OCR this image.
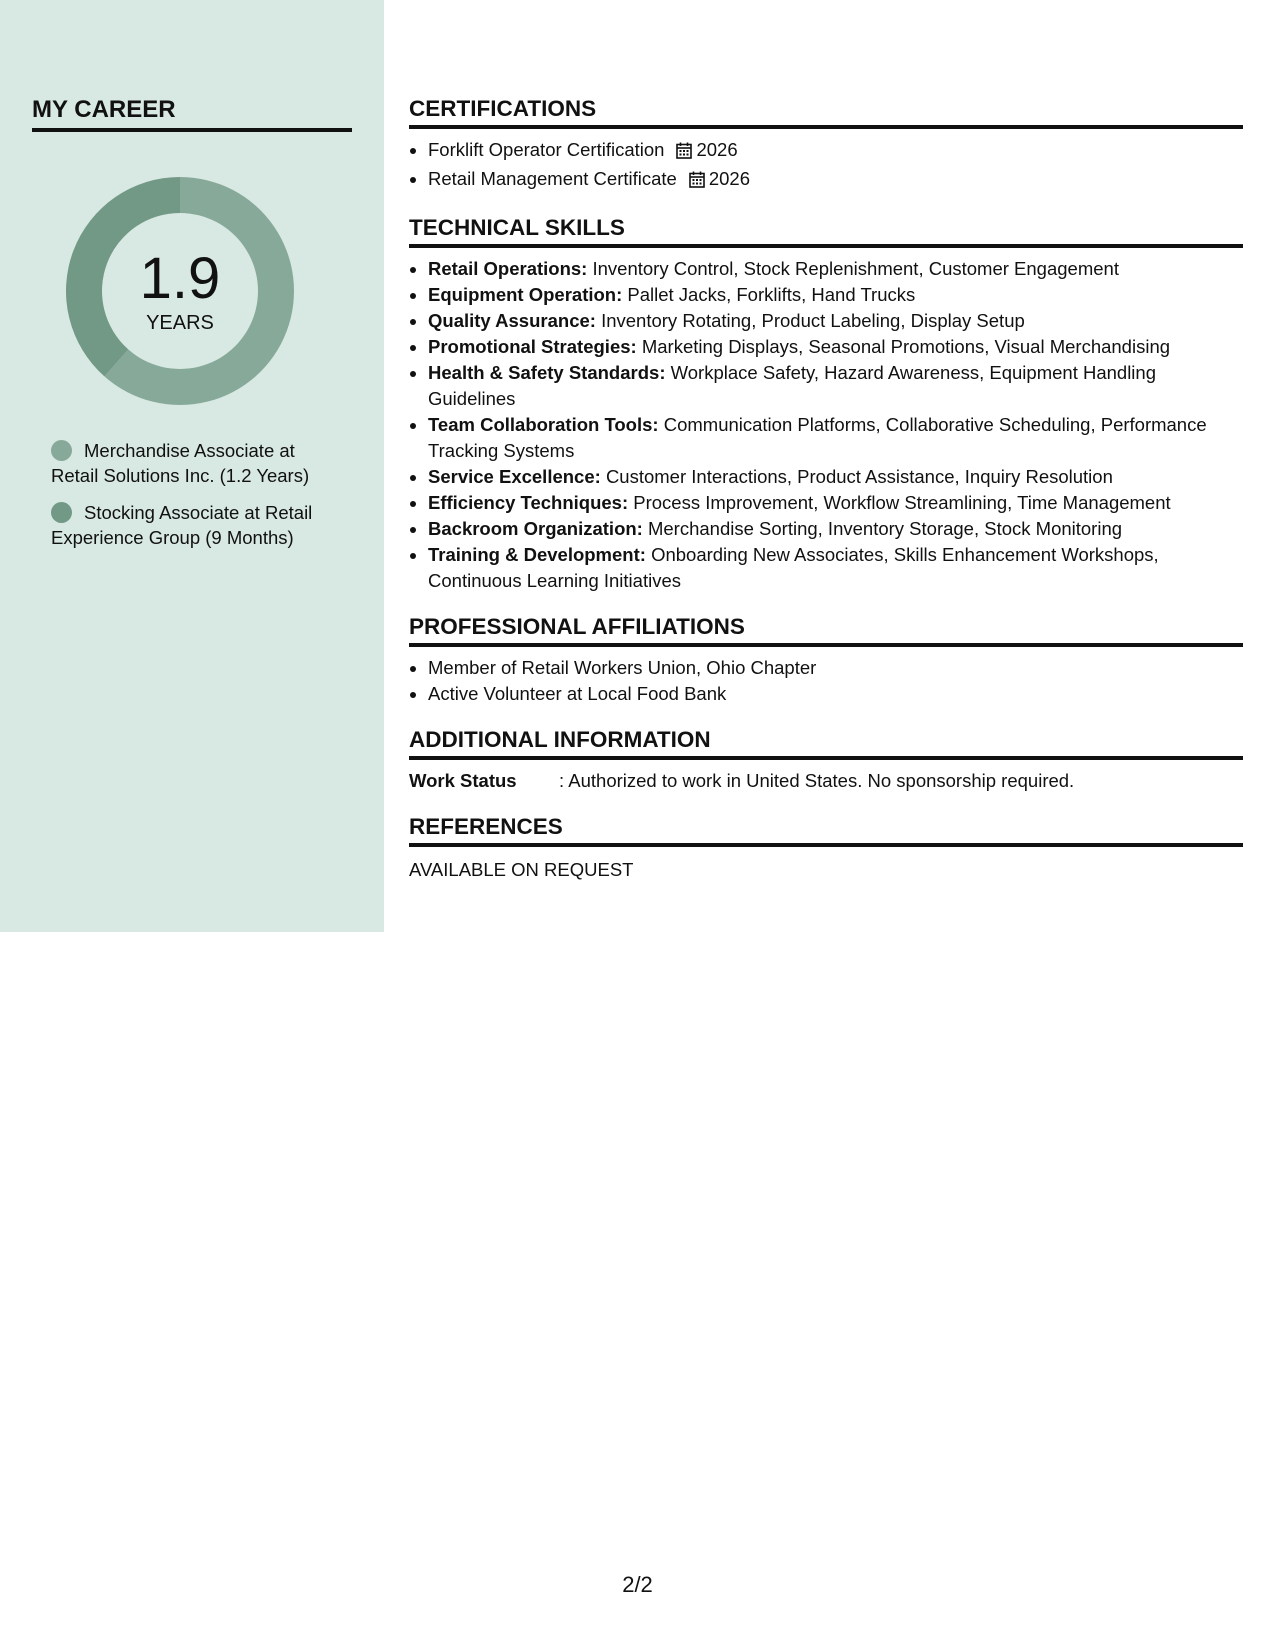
MY CAREER
1.9
YEARS
Merchandise Associate at Retail Solutions Inc. (1.2 Years)
Stocking Associate at Retail Experience Group (9 Months)
CERTIFICATIONS
• Forklift Operator Certification 2026
• Retail Management Certificate 2026
TECHNICAL SKILLS
• Retail Operations: Inventory Control, Stock Replenishment, Customer Engagement
• Equipment Operation: Pallet Jacks, Forklifts, Hand Trucks
• Quality Assurance: Inventory Rotating, Product Labeling, Display Setup
• Promotional Strategies: Marketing Displays, Seasonal Promotions, Visual Merchandising
• Health & Safety Standards: Workplace Safety, Hazard Awareness, Equipment Handling Guidelines
• Team Collaboration Tools: Communication Platforms, Collaborative Scheduling, Performance Tracking Systems
• Service Excellence: Customer Interactions, Product Assistance, Inquiry Resolution
• Efficiency Techniques: Process Improvement, Workflow Streamlining, Time Management
• Backroom Organization: Merchandise Sorting, Inventory Storage, Stock Monitoring
• Training & Development: Onboarding New Associates, Skills Enhancement Workshops, Continuous Learning Initiatives
PROFESSIONAL AFFILIATIONS
• Member of Retail Workers Union, Ohio Chapter
• Active Volunteer at Local Food Bank
ADDITIONAL INFORMATION
Work Status	: Authorized to work in United States. No sponsorship required.
REFERENCES
AVAILABLE ON REQUEST
2/2
